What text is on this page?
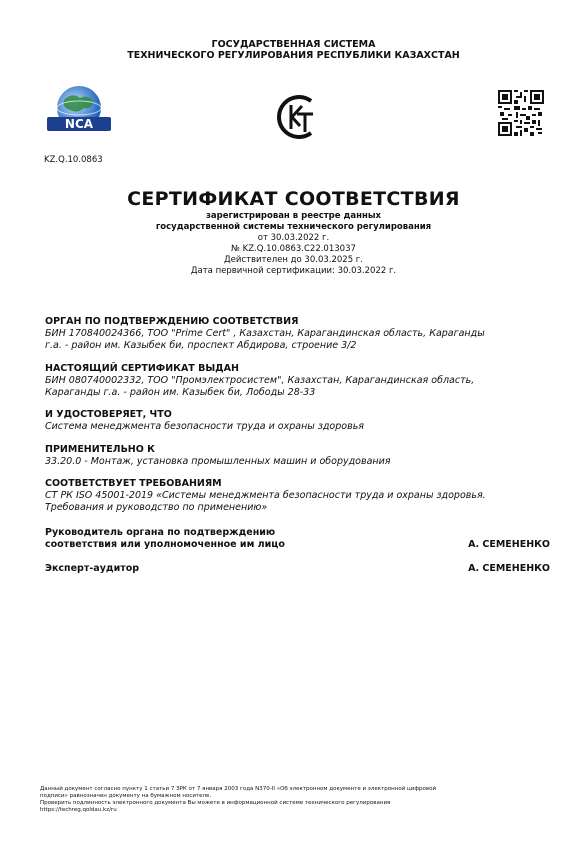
ГОСУДАРСТВЕННАЯ СИСТЕМА
ТЕХНИЧЕСКОГО РЕГУЛИРОВАНИЯ РЕСПУБЛИКИ КАЗАХСТАН
NCA
KZ.Q.10.0863
СЕРТИФИКАТ СООТВЕТСТВИЯ
зарегистрирован в реестре данных
государственной системы технического регулирования
от 30.03.2022 г.
№ KZ.Q.10.0863.C22.013037
Действителен до 30.03.2025 г.
Дата первичной сертификации: 30.03.2022 г.
ОРГАН ПО ПОДТВЕРЖДЕНИЮ СООТВЕТСТВИЯ
БИН 170840024366, ТОО "Prime Cert" , Казахстан, Карагандинская область, Караганды
г.а. - район им. Казыбек би, проспект Абдирова, строение 3/2
НАСТОЯЩИЙ СЕРТИФИКАТ ВЫДАН
БИН 080740002332, ТОО "Промэлектросистем", Казахстан, Карагандинская область,
Караганды г.а. - район им. Казыбек би, Лободы 28-33
И УДОСТОВЕРЯЕТ, ЧТО
Система менеджмента безопасности труда и охраны здоровья
ПРИМЕНИТЕЛЬНО К
33.20.0 - Монтаж, установка промышленных машин и оборудования
СООТВЕТСТВУЕТ ТРЕБОВАНИЯМ
СТ РК ISO 45001-2019 «Системы менеджмента безопасности труда и охраны здоровья.
Требования и руководство по применению»
Руководитель органа по подтверждению
соответствия или уполномоченное им лицо	А. СЕМЕНЕНКО
Эксперт-аудитор	А. СЕМЕНЕНКО
Данный документ согласно пункту 1 статьи 7 ЗРК от 7 января 2003 года N370-II «Об электронном документе и электронной цифровой
подписи» равнозначен документу на бумажном носителе.
Проверить подлинность электронного документа Вы можете в информационной системе технического регулирования
https://techreg.qoldau.kz/ru
